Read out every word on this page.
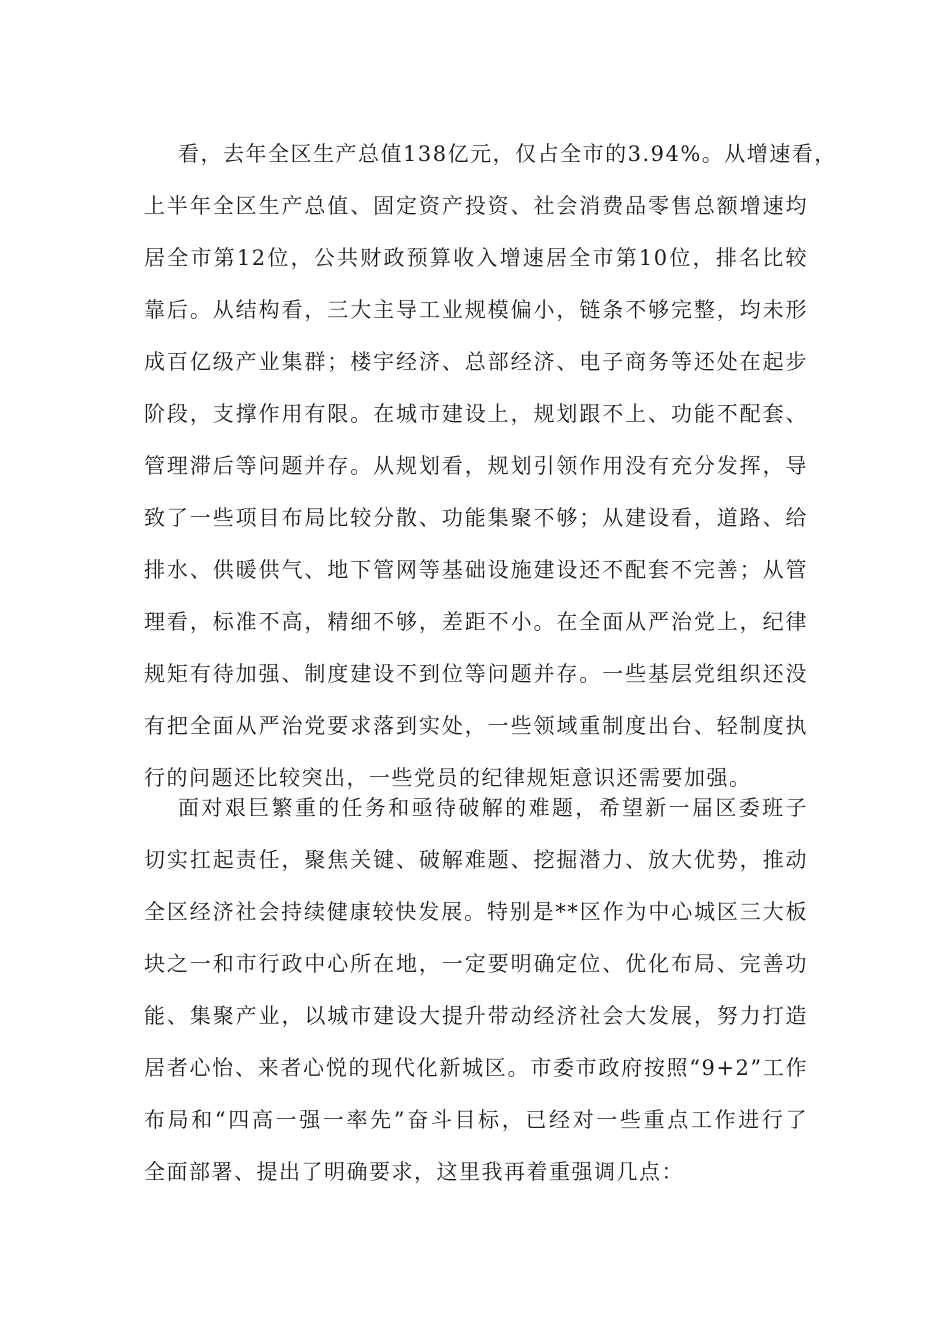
看，去年全区生产总值138亿元，仅占全市的3.94%。从增速看，
上半年全区生产总值、固定资产投资、社会消费品零售总额增速均
居全市第12位，公共财政预算收入增速居全市第10位，排名比较
靠后。从结构看，三大主导工业规模偏小，链条不够完整，均未形
成百亿级产业集群；楼宇经济、总部经济、电子商务等还处在起步
阶段，支撑作用有限。在城市建设上，规划跟不上、功能不配套、
管理滞后等问题并存。从规划看，规划引领作用没有充分发挥，导
致了一些项目布局比较分散、功能集聚不够；从建设看，道路、给
排水、供暖供气、地下管网等基础设施建设还不配套不完善；从管
理看，标准不高，精细不够，差距不小。在全面从严治党上，纪律
规矩有待加强、制度建设不到位等问题并存。一些基层党组织还没
有把全面从严治党要求落到实处，一些领域重制度出台、轻制度执
行的问题还比较突出，一些党员的纪律规矩意识还需要加强。
面对艰巨繁重的任务和亟待破解的难题，希望新一届区委班子
切实扛起责任，聚焦关键、破解难题、挖掘潜力、放大优势，推动
全区经济社会持续健康较快发展。特别是**区作为中心城区三大板
块之一和市行政中心所在地，一定要明确定位、优化布局、完善功
能、集聚产业，以城市建设大提升带动经济社会大发展，努力打造
居者心怡、来者心悦的现代化新城区。市委市政府按照“9+2”工作
布局和“四高一强一率先”奋斗目标，已经对一些重点工作进行了
全面部署、提出了明确要求，这里我再着重强调几点：
